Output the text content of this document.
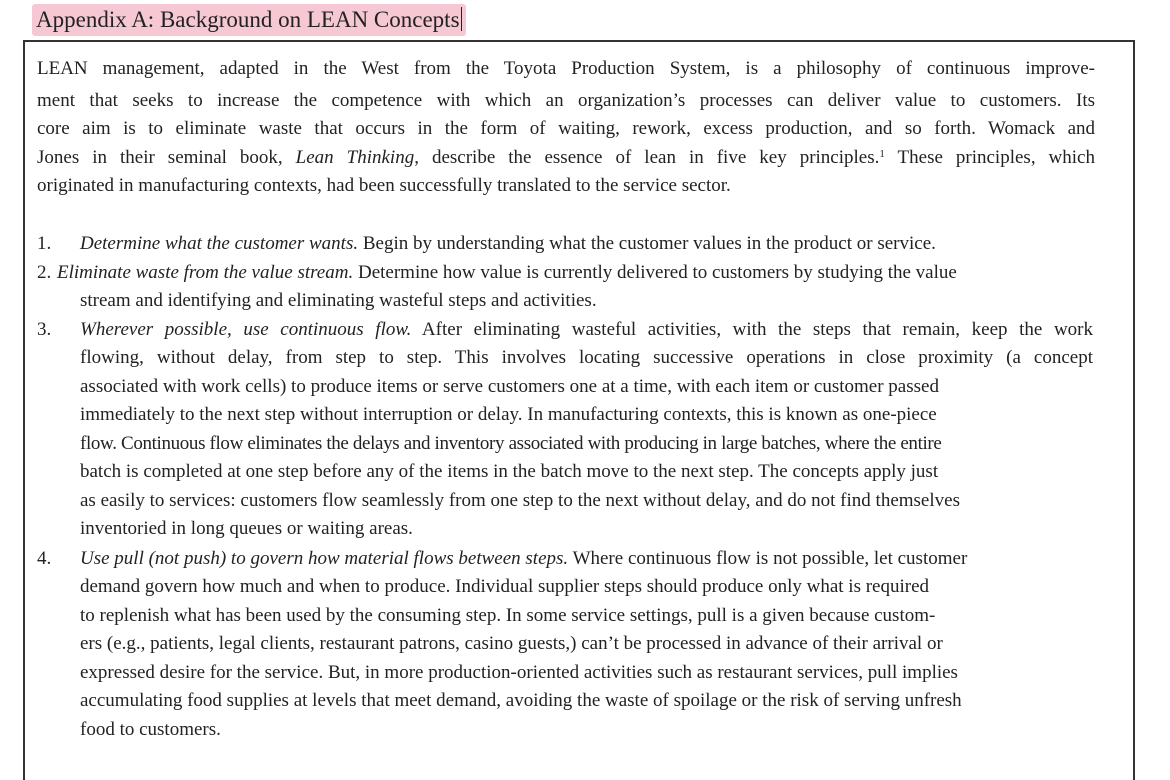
Appendix A: Background on LEAN Concepts
LEAN management, adapted in the West from the Toyota Production System, is a philosophy of continuous improve-
ment that seeks to increase the competence with which an organization’s processes can deliver value to customers. Its
core aim is to eliminate waste that occurs in the form of waiting, rework, excess production, and so forth. Womack and
Jones in their seminal book, Lean Thinking, describe the essence of lean in five key principles.$^1$ These principles, which
originated in manufacturing contexts, had been successfully translated to the service sector.
1. Determine what the customer wants. Begin by understanding what the customer values in the product or service.
2. Eliminate waste from the value stream. Determine how value is currently delivered to customers by studying the value
stream and identifying and eliminating wasteful steps and activities.
3. Wherever possible, use continuous flow. After eliminating wasteful activities, with the steps that remain, keep the work
flowing, without delay, from step to step. This involves locating successive operations in close proximity (a concept
associated with work cells) to produce items or serve customers one at a time, with each item or customer passed
immediately to the next step without interruption or delay. In manufacturing contexts, this is known as one-piece
flow. Continuous flow eliminates the delays and inventory associated with producing in large batches, where the entire
batch is completed at one step before any of the items in the batch move to the next step. The concepts apply just
as easily to services: customers flow seamlessly from one step to the next without delay, and do not find themselves
inventoried in long queues or waiting areas.
4. Use pull (not push) to govern how material flows between steps. Where continuous flow is not possible, let customer
demand govern how much and when to produce. Individual supplier steps should produce only what is required
to replenish what has been used by the consuming step. In some service settings, pull is a given because custom-
ers (e.g., patients, legal clients, restaurant patrons, casino guests,) can’t be processed in advance of their arrival or
expressed desire for the service. But, in more production-oriented activities such as restaurant services, pull implies
accumulating food supplies at levels that meet demand, avoiding the waste of spoilage or the risk of serving unfresh
food to customers.
